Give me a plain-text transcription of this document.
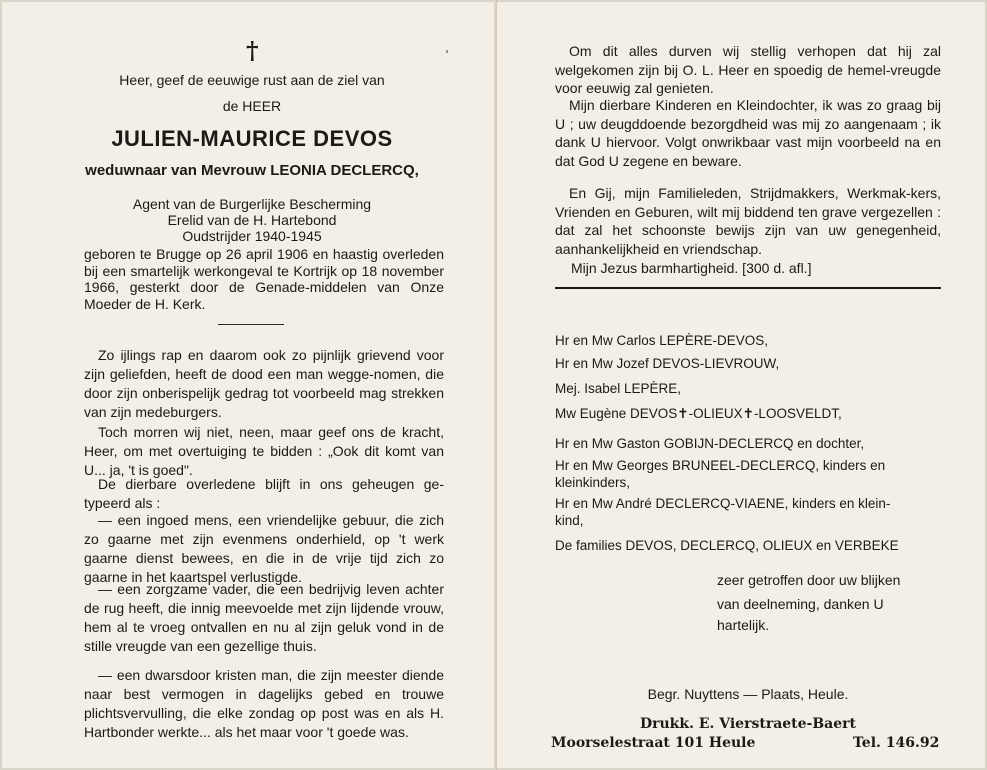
†
Heer, geef de eeuwige rust aan de ziel van
de HEER
JULIEN-MAURICE DEVOS
weduwnaar van Mevrouw LEONIA DECLERCQ,
Agent van de Burgerlijke Bescherming
Erelid van de H. Hartebond
Oudstrijder 1940-1945
geboren te Brugge op 26 april 1906 en haastig overleden bij een smartelijk werkongeval te Kortrijk op 18 november 1966, gesterkt door de Genade-middelen van Onze Moeder de H. Kerk.
Zo ijlings rap en daarom ook zo pijnlijk grievend voor zijn geliefden, heeft de dood een man wegge-nomen, die door zijn onberispelijk gedrag tot voorbeeld mag strekken van zijn medeburgers.
Toch morren wij niet, neen, maar geef ons de kracht, Heer, om met overtuiging te bidden : „Ook dit komt van U... ja, 't is goed".
De dierbare overledene blijft in ons geheugen ge-typeerd als :
— een ingoed mens, een vriendelijke gebuur, die zich zo gaarne met zijn evenmens onderhield, op 't werk gaarne dienst bewees, en die in de vrije tijd zich zo gaarne in het kaartspel verlustigde.
— een zorgzame vader, die een bedrijvig leven achter de rug heeft, die innig meevoelde met zijn lijdende vrouw, hem al te vroeg ontvallen en nu al zijn geluk vond in de stille vreugde van een gezellige thuis.
— een dwarsdoor kristen man, die zijn meester diende naar best vermogen in dagelijks gebed en trouwe plichtsvervulling, die elke zondag op post was en als H. Hartbonder werkte... als het maar voor 't goede was.
Om dit alles durven wij stellig verhopen dat hij zal welgekomen zijn bij O. L. Heer en spoedig de hemel-vreugde voor eeuwig zal genieten.
Mijn dierbare Kinderen en Kleindochter, ik was zo graag bij U ; uw deugddoende bezorgdheid was mij zo aangenaam ; ik dank U hiervoor. Volgt onwrikbaar vast mijn voorbeeld na en dat God U zegene en beware.
En Gij, mijn Familieleden, Strijdmakkers, Werkmak-kers, Vrienden en Geburen, wilt mij biddend ten grave vergezellen : dat zal het schoonste bewijs zijn van uw genegenheid, aanhankelijkheid en vriendschap.
Mijn Jezus barmhartigheid. [300 d. afl.]
Hr en Mw Carlos LEPÈRE-DEVOS,
Hr en Mw Jozef DEVOS-LIEVROUW,
Mej. Isabel LEPÈRE,
Mw Eugène DEVOS✝-OLIEUX✝-LOOSVELDT,
Hr en Mw Gaston GOBIJN-DECLERCQ en dochter,
Hr en Mw Georges BRUNEEL-DECLERCQ, kinders en
kleinkinders,
Hr en Mw André DECLERCQ-VIAENE, kinders en klein-
kind,
De families DEVOS, DECLERCQ, OLIEUX en VERBEKE
zeer getroffen door uw blijken
van deelneming, danken U
hartelijk.
Begr. Nuyttens — Plaats, Heule.
Drukk. E. Vierstraete-Baert
Moorselestraat 101 Heule	Tel. 146.92
